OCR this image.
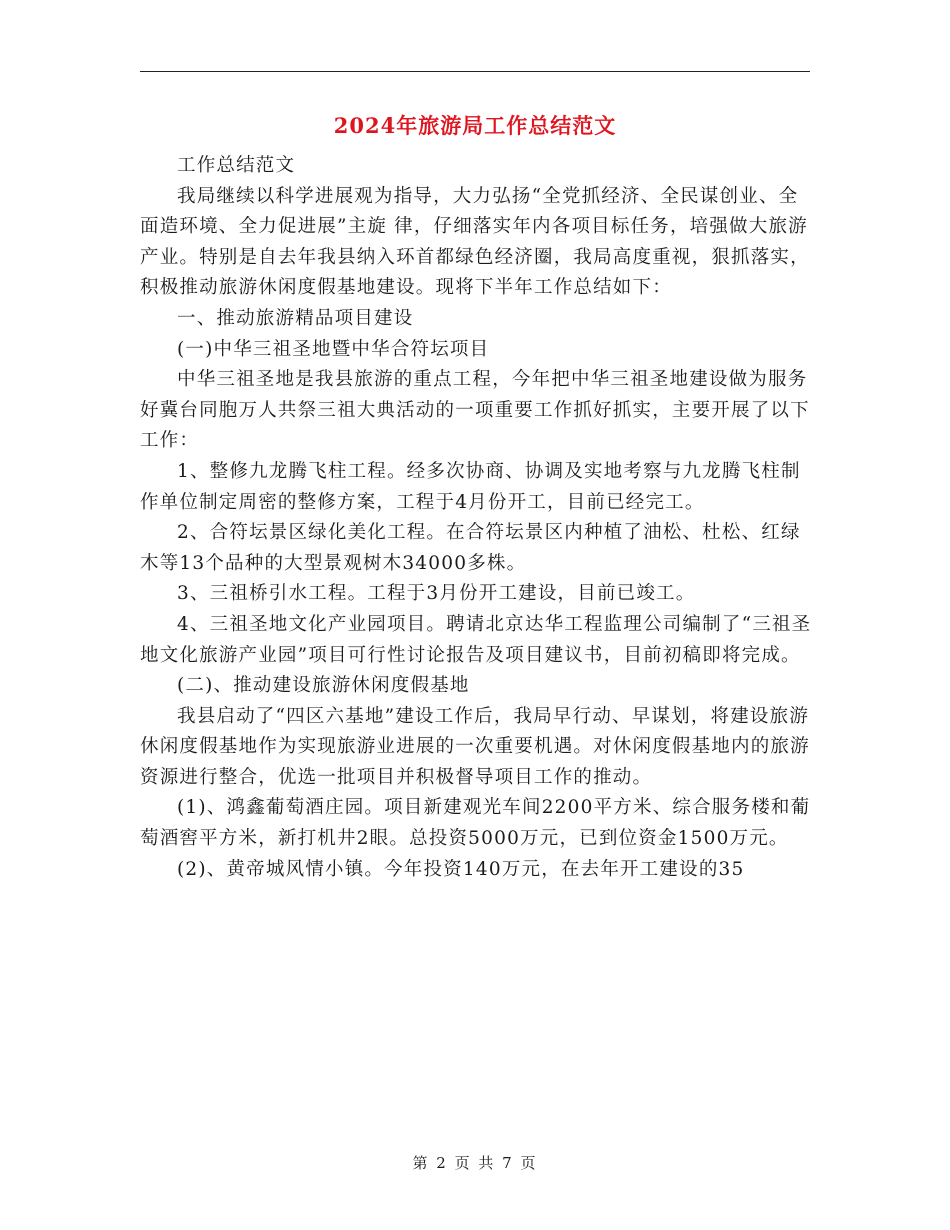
2024年旅游局工作总结范文

工作总结范文

我局继续以科学进展观为指导，大力弘扬“全党抓经济、全民谋创业、全面造环境、全力促进展”主旋 律，仔细落实年内各项目标任务，培强做大旅游产业。特别是自去年我县纳入环首都绿色经济圈，我局高度重视，狠抓落实，积极推动旅游休闲度假基地建设。现将下半年工作总结如下：

一、推动旅游精品项目建设

(一)中华三祖圣地暨中华合符坛项目

中华三祖圣地是我县旅游的重点工程，今年把中华三祖圣地建设做为服务好冀台同胞万人共祭三祖大典活动的一项重要工作抓好抓实，主要开展了以下工作：

1、整修九龙腾飞柱工程。经多次协商、协调及实地考察与九龙腾飞柱制作单位制定周密的整修方案，工程于4月份开工，目前已经完工。

2、合符坛景区绿化美化工程。在合符坛景区内种植了油松、杜松、红绿木等13个品种的大型景观树木34000多株。

3、三祖桥引水工程。工程于3月份开工建设，目前已竣工。

4、三祖圣地文化产业园项目。聘请北京达华工程监理公司编制了“三祖圣地文化旅游产业园”项目可行性讨论报告及项目建议书，目前初稿即将完成。

(二)、推动建设旅游休闲度假基地

我县启动了“四区六基地”建设工作后，我局早行动、早谋划，将建设旅游休闲度假基地作为实现旅游业进展的一次重要机遇。对休闲度假基地内的旅游资源进行整合，优选一批项目并积极督导项目工作的推动。

(1)、鸿鑫葡萄酒庄园。项目新建观光车间2200平方米、综合服务楼和葡萄酒窖平方米，新打机井2眼。总投资5000万元，已到位资金1500万元。

(2)、黄帝城风情小镇。今年投资140万元，在去年开工建设的35

第 2 页 共 7 页
